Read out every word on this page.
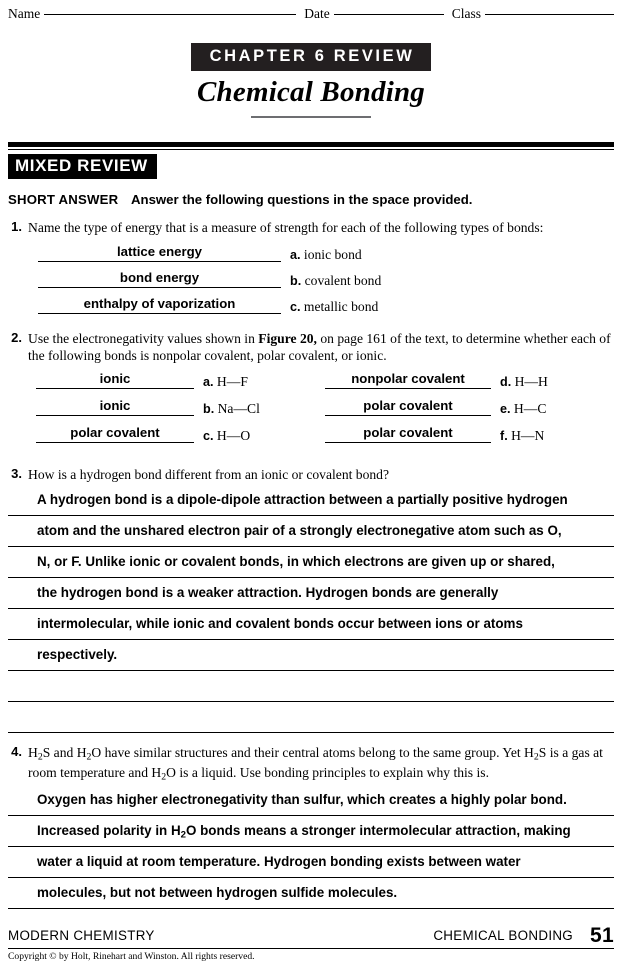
Name	Date	Class
CHAPTER 6 REVIEW
Chemical Bonding
MIXED REVIEW
SHORT ANSWER Answer the following questions in the space provided.
1. Name the type of energy that is a measure of strength for each of the following types of bonds:
lattice energy	a. ionic bond
bond energy	b. covalent bond
enthalpy of vaporization	c. metallic bond
2. Use the electronegativity values shown in Figure 20, on page 161 of the text, to determine whether each of the following bonds is nonpolar covalent, polar covalent, or ionic.
ionic	a. H—F
ionic	b. Na—Cl
polar covalent	c. H—O
nonpolar covalent	d. H—H
polar covalent	e. H—C
polar covalent	f. H—N
3. How is a hydrogen bond different from an ionic or covalent bond?
A hydrogen bond is a dipole-dipole attraction between a partially positive hydrogen
atom and the unshared electron pair of a strongly electronegative atom such as O,
N, or F. Unlike ionic or covalent bonds, in which electrons are given up or shared,
the hydrogen bond is a weaker attraction. Hydrogen bonds are generally
intermolecular, while ionic and covalent bonds occur between ions or atoms
respectively.
4. $H_2S$ and $H_2O$ have similar structures and their central atoms belong to the same group. Yet $H_2S$ is a gas at room temperature and $H_2O$ is a liquid. Use bonding principles to explain why this is.
Oxygen has higher electronegativity than sulfur, which creates a highly polar bond.
Increased polarity in $H_2O$ bonds means a stronger intermolecular attraction, making
water a liquid at room temperature. Hydrogen bonding exists between water
molecules, but not between hydrogen sulfide molecules.
MODERN CHEMISTRY	CHEMICAL BONDING 51
Copyright © by Holt, Rinehart and Winston. All rights reserved.
